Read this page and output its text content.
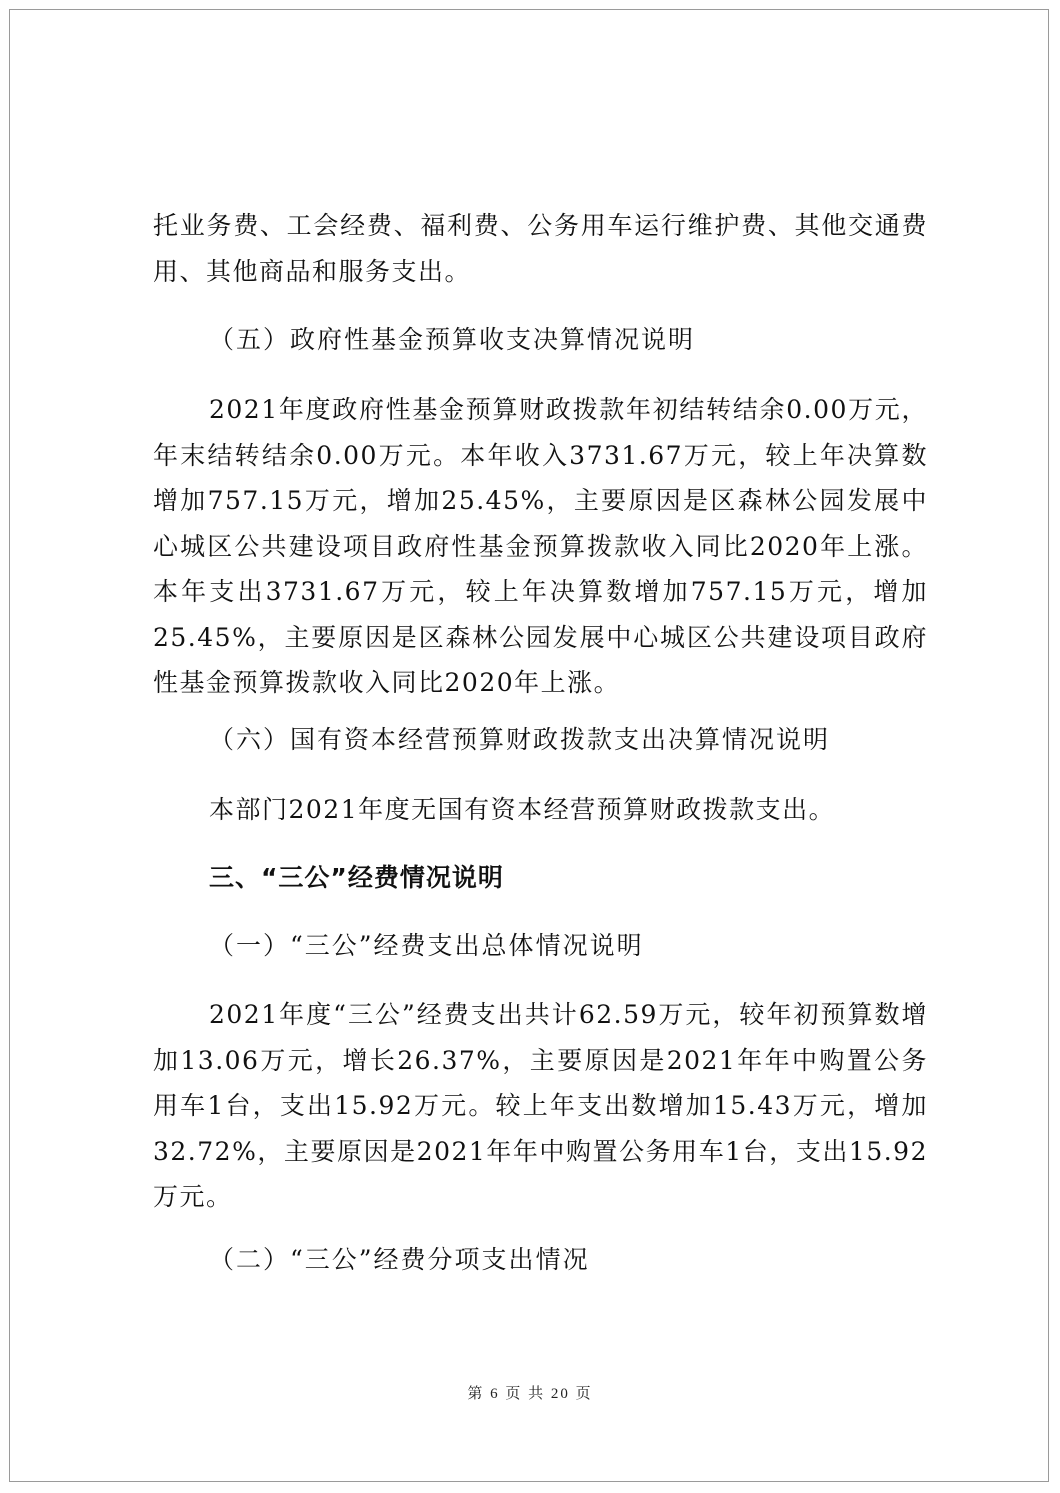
托业务费、工会经费、福利费、公务用车运行维护费、其他交通费用、其他商品和服务支出。

（五）政府性基金预算收支决算情况说明

2021年度政府性基金预算财政拨款年初结转结余0.00万元，年末结转结余0.00万元。本年收入3731.67万元，较上年决算数增加757.15万元，增加25.45%，主要原因是区森林公园发展中心城区公共建设项目政府性基金预算拨款收入同比2020年上涨。本年支出3731.67万元，较上年决算数增加757.15万元，增加25.45%，主要原因是区森林公园发展中心城区公共建设项目政府性基金预算拨款收入同比2020年上涨。

（六）国有资本经营预算财政拨款支出决算情况说明

本部门2021年度无国有资本经营预算财政拨款支出。

三、“三公”经费情况说明

（一）“三公”经费支出总体情况说明

2021年度“三公”经费支出共计62.59万元，较年初预算数增加13.06万元，增长26.37%，主要原因是2021年年中购置公务用车1台，支出15.92万元。较上年支出数增加15.43万元，增加32.72%，主要原因是2021年年中购置公务用车1台，支出15.92万元。

（二）“三公”经费分项支出情况

第 6 页 共 20 页
